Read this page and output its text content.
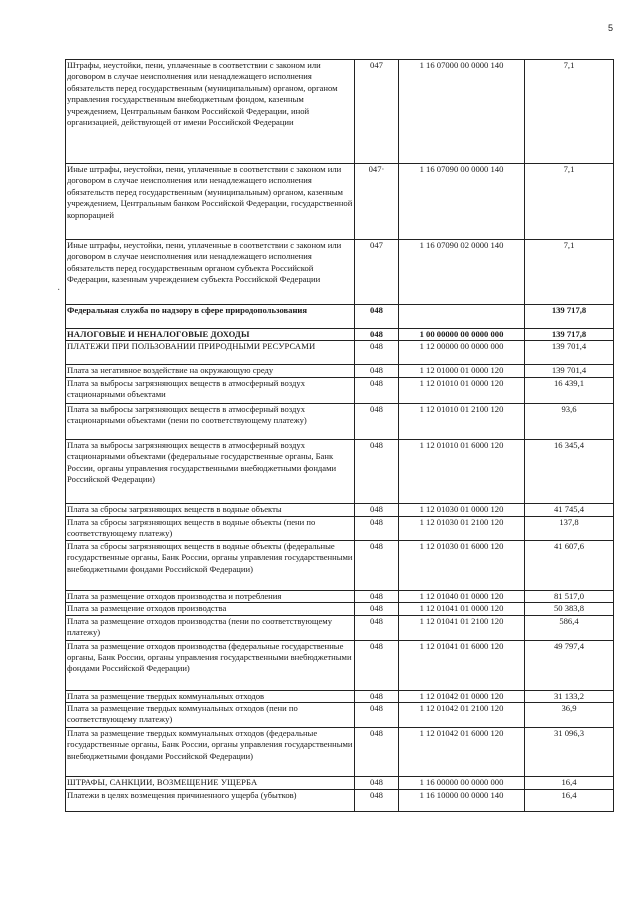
5
·
Штрафы, неустойки, пени, уплаченные в соответствии с законом или договором в случае неисполнения или ненадлежащего исполнения обязательств перед государственным (муниципальным) органом, органом управления государственным внебюджетным фондом, казенным учреждением, Центральным банком Российской Федерации, иной организацией, действующей от имени Российской Федерации	047	1 16 07000 00 0000 140	7,1
Иные штрафы, неустойки, пени, уплаченные в соответствии с законом или договором в случае неисполнения или ненадлежащего исполнения обязательств перед государственным (муниципальным) органом, казенным учреждением, Центральным банком Российской Федерации, государственной корпорацией	047·	1 16 07090 00 0000 140	7,1
Иные штрафы, неустойки, пени, уплаченные в соответствии с законом или договором в случае неисполнения или ненадлежащего исполнения обязательств перед государственным органом субъекта Российской Федерации, казенным учреждением субъекта Российской Федерации	047	1 16 07090 02 0000 140	7,1
Федеральная служба по надзору в сфере природопользования	048		139 717,8
НАЛОГОВЫЕ И НЕНАЛОГОВЫЕ ДОХОДЫ	048	1 00 00000 00 0000 000	139 717,8
ПЛАТЕЖИ ПРИ ПОЛЬЗОВАНИИ ПРИРОДНЫМИ РЕСУРСАМИ	048	1 12 00000 00 0000 000	139 701,4
Плата за негативное воздействие на окружающую среду	048	1 12 01000 01 0000 120	139 701,4
Плата за выбросы загрязняющих веществ в атмосферный воздух стационарными объектами	048	1 12 01010 01 0000 120	16 439,1
Плата за выбросы загрязняющих веществ в атмосферный воздух стационарными объектами (пени по соответствующему платежу)	048	1 12 01010 01 2100 120	93,6
Плата за выбросы загрязняющих веществ в атмосферный воздух стационарными объектами (федеральные государственные органы, Банк России, органы управления государственными внебюджетными фондами Российской Федерации)	048	1 12 01010 01 6000 120	16 345,4
Плата за сбросы загрязняющих веществ в водные объекты	048	1 12 01030 01 0000 120	41 745,4
Плата за сбросы загрязняющих веществ в водные объекты (пени по соответствующему платежу)	048	1 12 01030 01 2100 120	137,8
Плата за сбросы загрязняющих веществ в водные объекты (федеральные государственные органы, Банк России, органы управления государственными внебюджетными фондами Российской Федерации)	048	1 12 01030 01 6000 120	41 607,6
Плата за размещение отходов производства и потребления	048	1 12 01040 01 0000 120	81 517,0
Плата за размещение отходов производства	048	1 12 01041 01 0000 120	50 383,8
Плата за размещение отходов производства (пени по соответствующему платежу)	048	1 12 01041 01 2100 120	586,4
Плата за размещение отходов производства (федеральные государственные органы, Банк России, органы управления государственными внебюджетными фондами Российской Федерации)	048	1 12 01041 01 6000 120	49 797,4
Плата за размещение твердых коммунальных отходов	048	1 12 01042 01 0000 120	31 133,2
Плата за размещение твердых коммунальных отходов (пени по соответствующему платежу)	048	1 12 01042 01 2100 120	36,9
Плата за размещение твердых коммунальных отходов (федеральные государственные органы, Банк России, органы управления государственными внебюджетными фондами Российской Федерации)	048	1 12 01042 01 6000 120	31 096,3
ШТРАФЫ, САНКЦИИ, ВОЗМЕЩЕНИЕ УЩЕРБА	048	1 16 00000 00 0000 000	16,4
Платежи в целях возмещения причиненного ущерба (убытков)	048	1 16 10000 00 0000 140	16,4
